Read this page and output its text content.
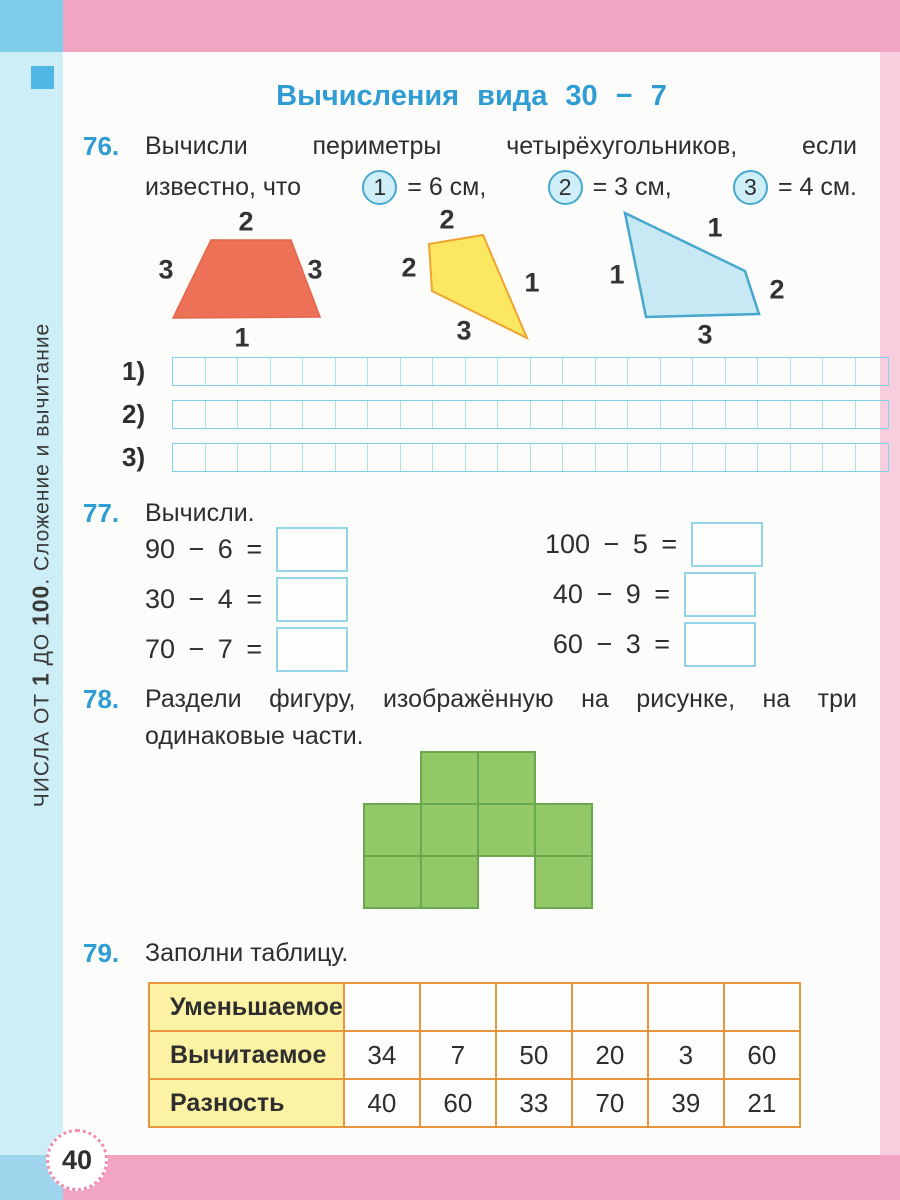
ЧИСЛА ОТ 1 ДО 100. Сложение и вычитание
40
Вычисления вида 30 − 7
76. Вычисли периметры четырёхугольников, если
известно, что	1 = 6 см,	2 = 3 см,	3 = 4 см.
2
3	3
1
2
2	1
3
1
1	2
3
1)
2)
3)
77. Вычисли.
90 − 6 =
30 − 4 =
70 − 7 =
100 − 5 =
40 − 9 =
60 − 3 =
78. Раздели фигуру, изображённую на рисунке, на три
одинаковые части.
79. Заполни таблицу.
Уменьшаемое						
Вычитаемое	34	7	50	20	3	60
Разность	40	60	33	70	39	21
